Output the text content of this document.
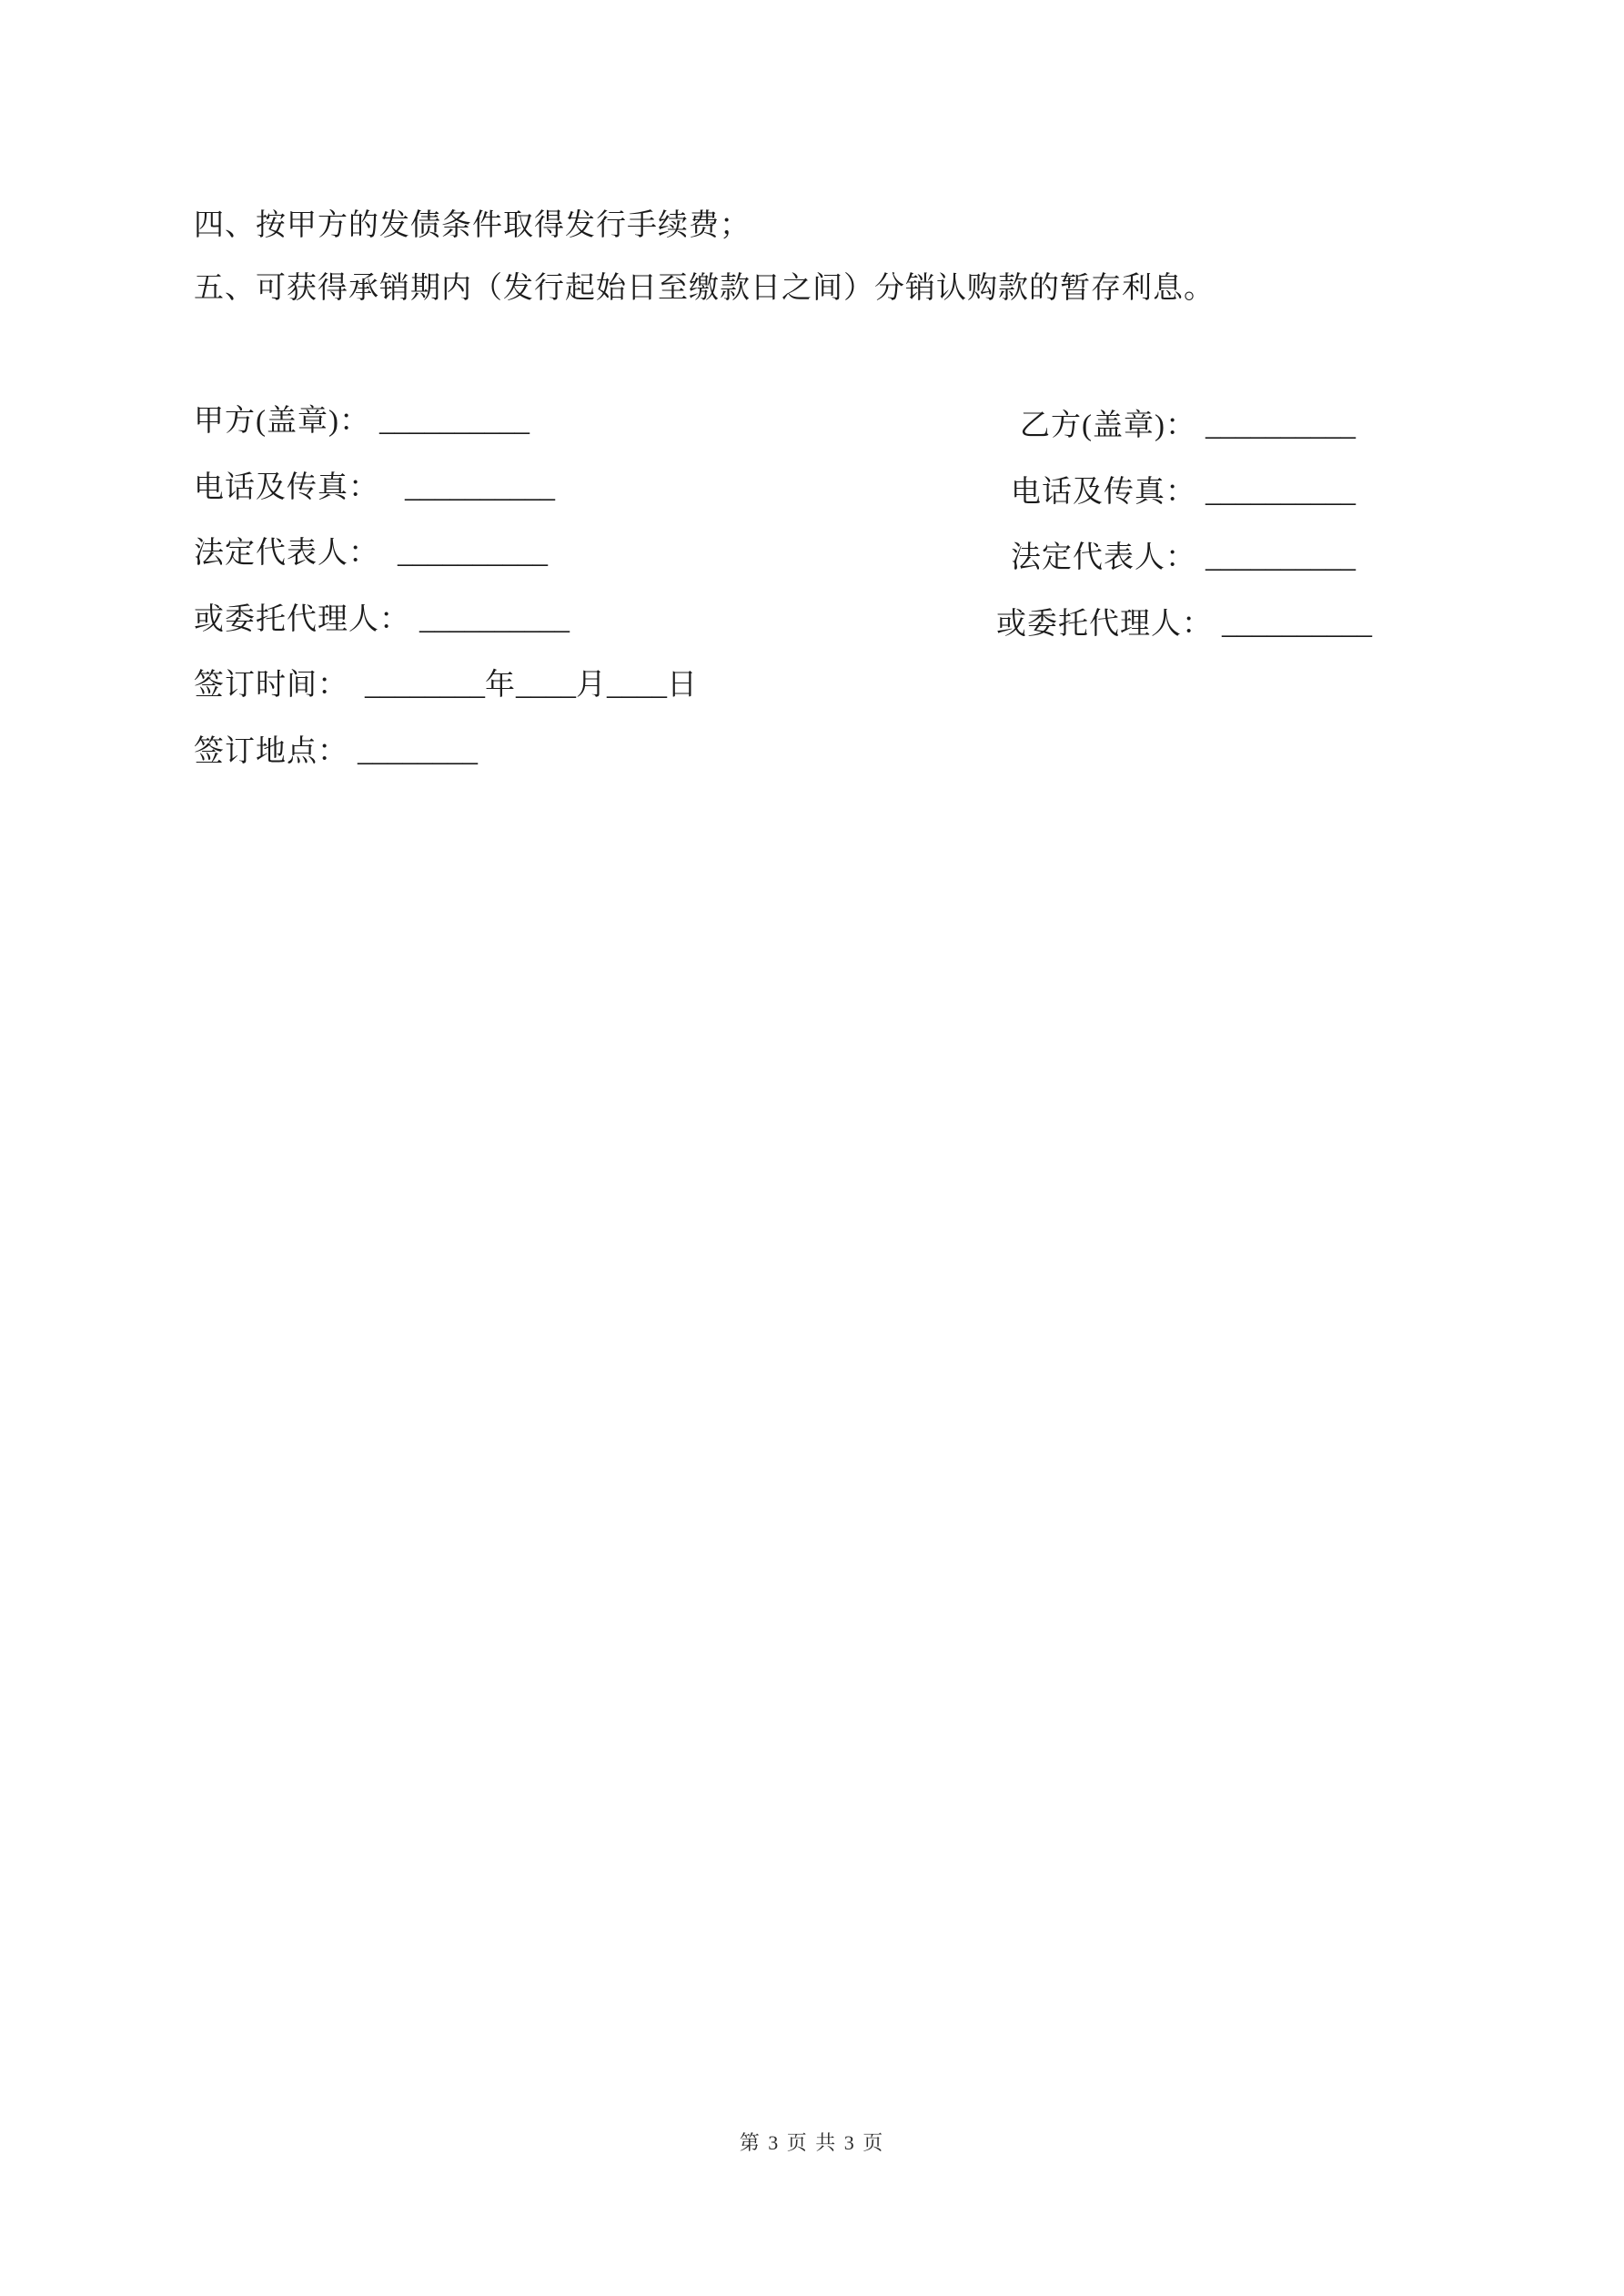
四、按甲方的发债条件取得发行手续费；
五、可获得承销期内（发行起始日至缴款日之间）分销认购款的暂存利息。
甲方(盖章)： __________
电话及传真： __________
法定代表人： __________
或委托代理人： __________
签订时间： ________年____月____日
签订地点： ________
乙方(盖章)： __________
电话及传真： __________
法定代表人： __________
或委托代理人： __________
第 3 页 共 3 页
